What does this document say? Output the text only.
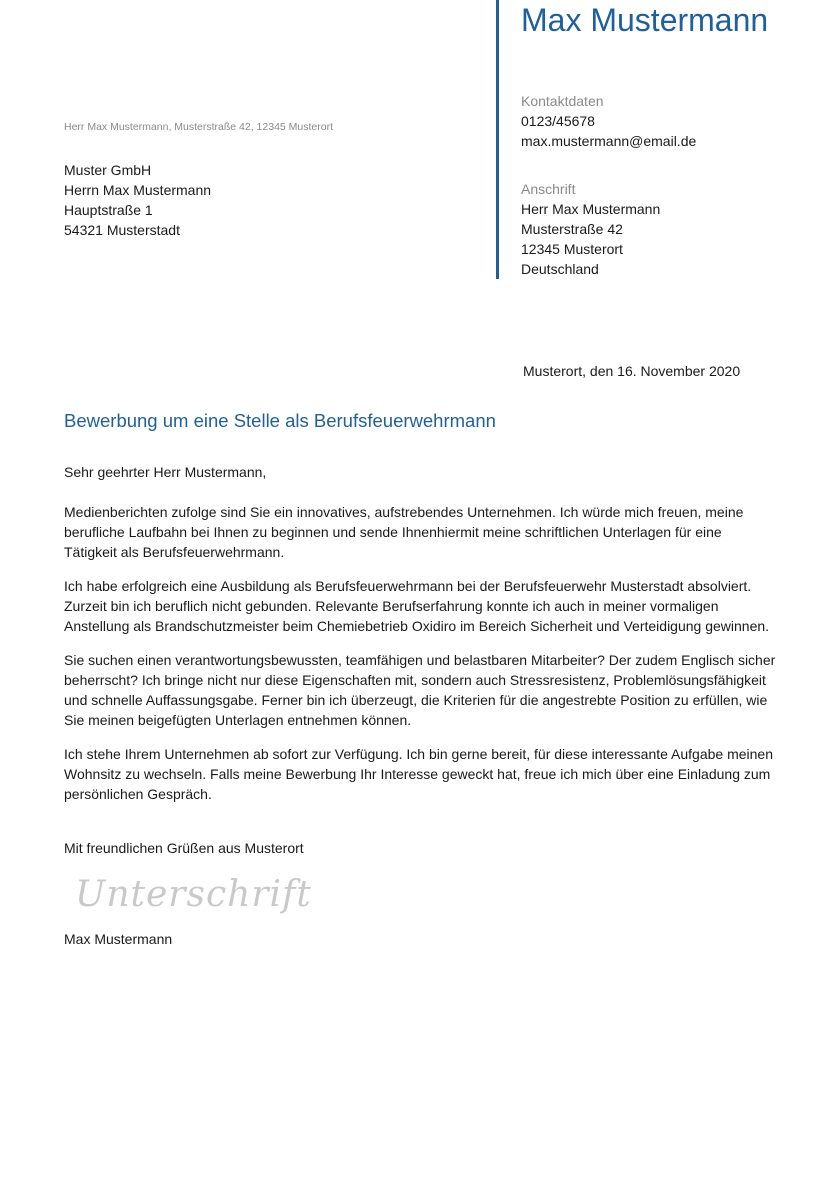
Max Mustermann
Kontaktdaten
0123/45678
max.mustermann@email.de
Anschrift
Herr Max Mustermann
Musterstraße 42
12345 Musterort
Deutschland
Herr Max Mustermann, Musterstraße 42, 12345 Musterort
Muster GmbH
Herrn Max Mustermann
Hauptstraße 1
54321 Musterstadt
Musterort, den 16. November 2020
Bewerbung um eine Stelle als Berufsfeuerwehrmann
Sehr geehrter Herr Mustermann,

Medienberichten zufolge sind Sie ein innovatives, aufstrebendes Unternehmen. Ich würde mich freuen, meine berufliche Laufbahn bei Ihnen zu beginnen und sende Ihnenhiermit meine schriftlichen Unterlagen für eine Tätigkeit als Berufsfeuerwehrmann.

Ich habe erfolgreich eine Ausbildung als Berufsfeuerwehrmann bei der Berufsfeuerwehr Musterstadt absolviert. Zurzeit bin ich beruflich nicht gebunden. Relevante Berufserfahrung konnte ich auch in meiner vormaligen Anstellung als Brandschutzmeister beim Chemiebetrieb Oxidiro im Bereich Sicherheit und Verteidigung gewinnen.

Sie suchen einen verantwortungsbewussten, teamfähigen und belastbaren Mitarbeiter? Der zudem Englisch sicher beherrscht? Ich bringe nicht nur diese Eigenschaften mit, sondern auch Stressresistenz, Problemlösungsfähigkeit und schnelle Auffassungsgabe. Ferner bin ich überzeugt, die Kriterien für die angestrebte Position zu erfüllen, wie Sie meinen beigefügten Unterlagen entnehmen können.

Ich stehe Ihrem Unternehmen ab sofort zur Verfügung. Ich bin gerne bereit, für diese interessante Aufgabe meinen Wohnsitz zu wechseln. Falls meine Bewerbung Ihr Interesse geweckt hat, freue ich mich über eine Einladung zum persönlichen Gespräch.

Mit freundlichen Grüßen aus Musterort
Unterschrift
Max Mustermann
